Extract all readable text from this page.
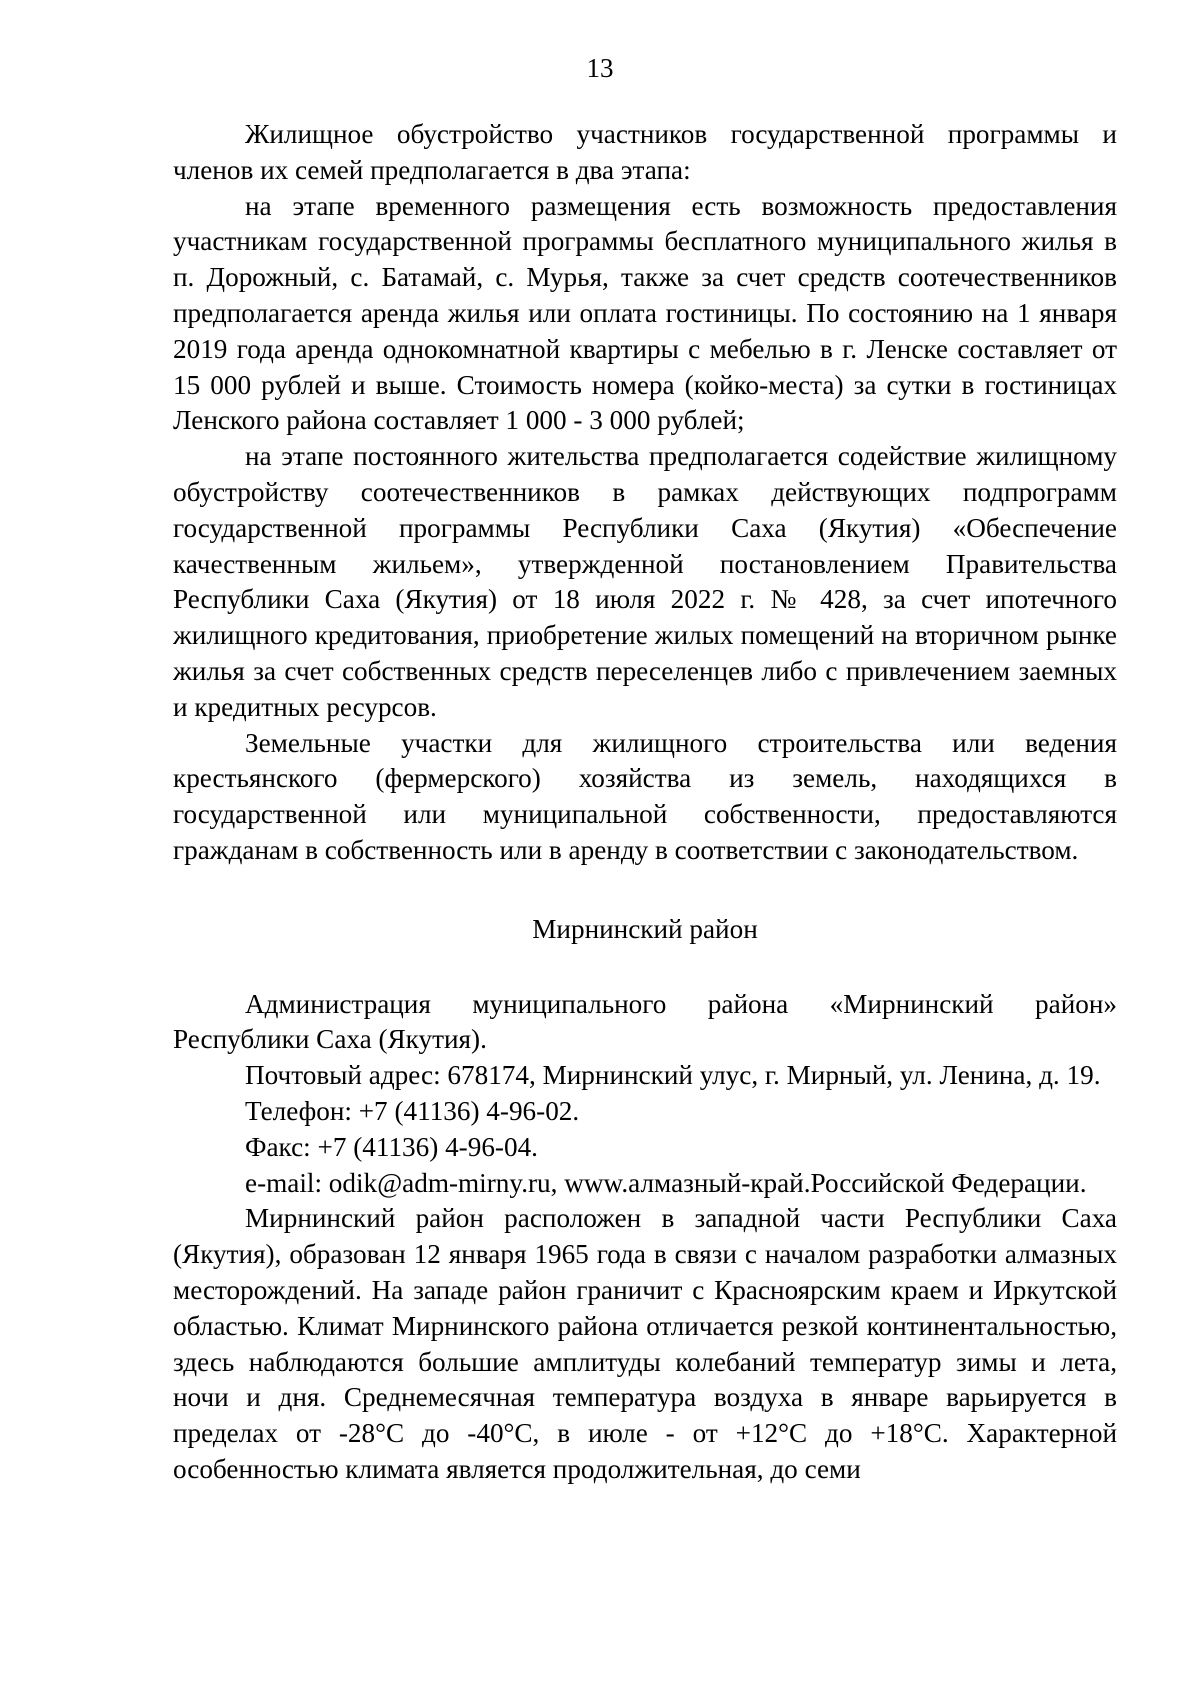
13

Жилищное обустройство участников государственной программы и членов их семей предполагается в два этапа:

на этапе временного размещения есть возможность предоставления участникам государственной программы бесплатного муниципального жилья в п. Дорожный, с. Батамай, с. Мурья, также за счет средств соотечественников предполагается аренда жилья или оплата гостиницы. По состоянию на 1 января 2019 года аренда однокомнатной квартиры с мебелью в г. Ленске составляет от 15 000 рублей и выше. Стоимость номера (койко-места) за сутки в гостиницах Ленского района составляет 1 000 - 3 000 рублей;

на этапе постоянного жительства предполагается содействие жилищному обустройству соотечественников в рамках действующих подпрограмм государственной программы Республики Саха (Якутия) «Обеспечение качественным жильем», утвержденной постановлением Правительства Республики Саха (Якутия) от 18 июля 2022 г. № 428, за счет ипотечного жилищного кредитования, приобретение жилых помещений на вторичном рынке жилья за счет собственных средств переселенцев либо с привлечением заемных и кредитных ресурсов.

Земельные участки для жилищного строительства или ведения крестьянского (фермерского) хозяйства из земель, находящихся в государственной или муниципальной собственности, предоставляются гражданам в собственность или в аренду в соответствии с законодательством.

Мирнинский район

Администрация муниципального района «Мирнинский район» Республики Саха (Якутия).

Почтовый адрес: 678174, Мирнинский улус, г. Мирный, ул. Ленина, д. 19.

Телефон: +7 (41136) 4-96-02.

Факс: +7 (41136) 4-96-04.

e-mail: odik@adm-mirny.ru, www.алмазный-край.Российской Федерации.

Мирнинский район расположен в западной части Республики Саха (Якутия), образован 12 января 1965 года в связи с началом разработки алмазных месторождений. На западе район граничит с Красноярским краем и Иркутской областью. Климат Мирнинского района отличается резкой континентальностью, здесь наблюдаются большие амплитуды колебаний температур зимы и лета, ночи и дня. Среднемесячная температура воздуха в январе варьируется в пределах от -28°C до -40°C, в июле - от +12°C до +18°C. Характерной особенностью климата является продолжительная, до семи
